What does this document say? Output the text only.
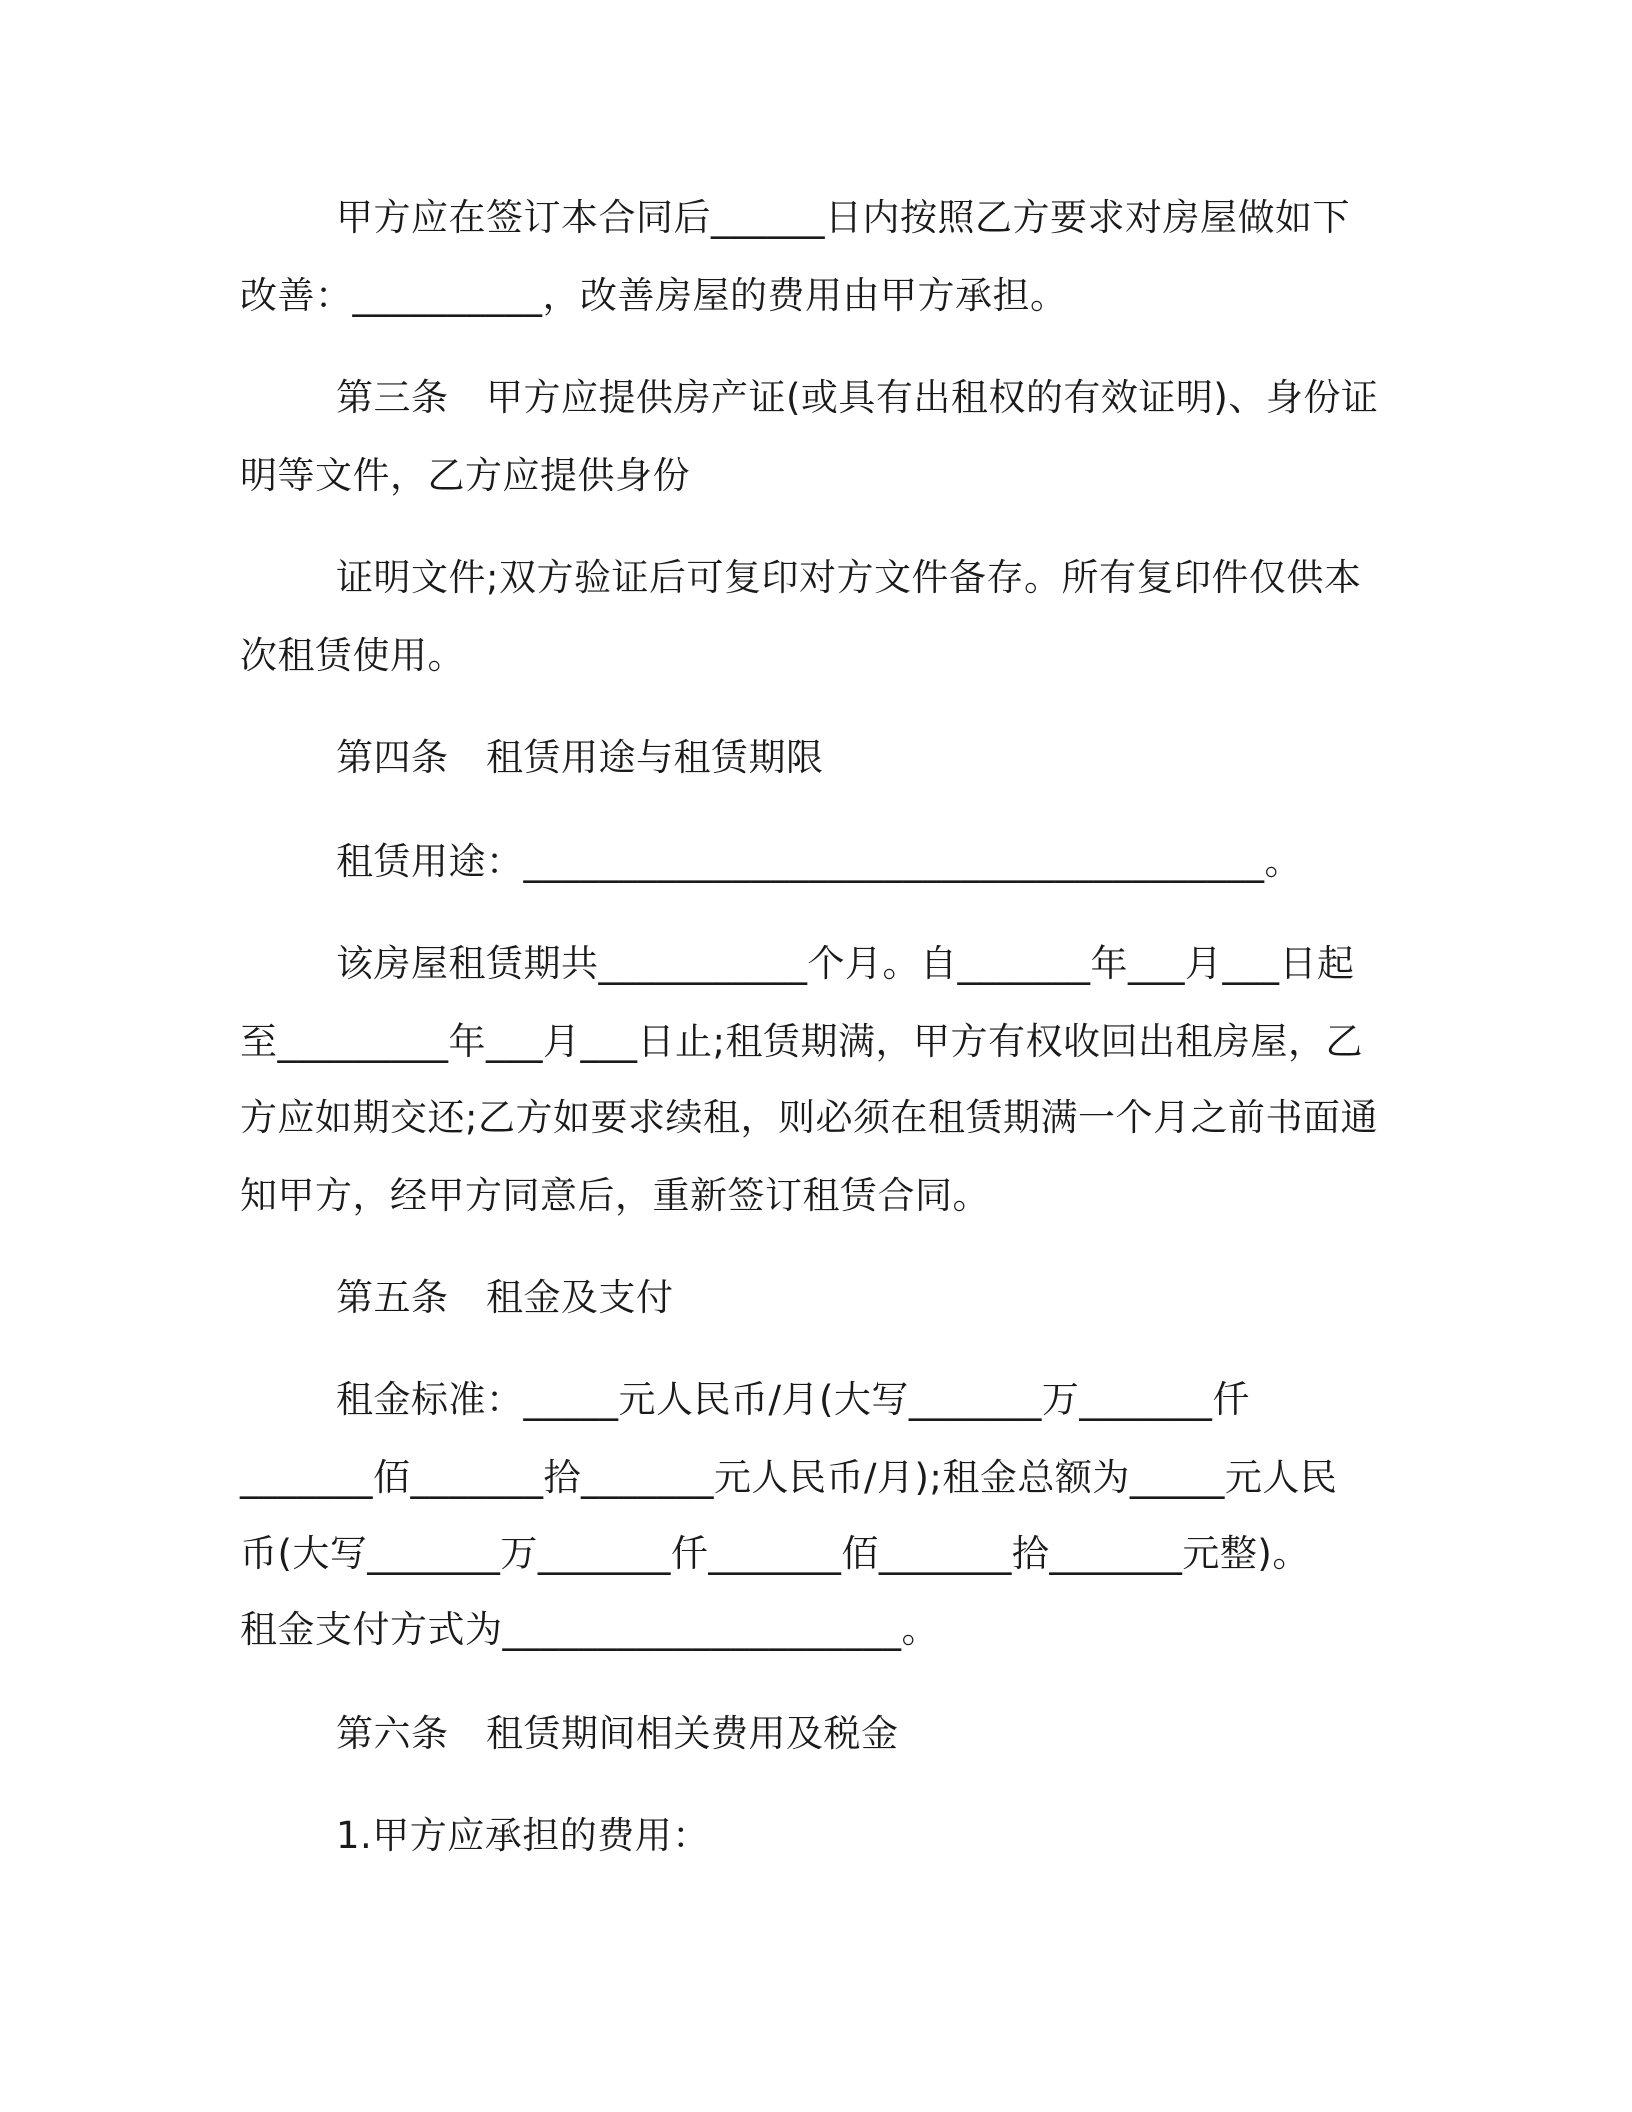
甲方应在签订本合同后______日内按照乙方要求对房屋做如下
改善：__________，改善房屋的费用由甲方承担。
第三条　甲方应提供房产证(或具有出租权的有效证明)、身份证
明等文件，乙方应提供身份
证明文件;双方验证后可复印对方文件备存。所有复印件仅供本
次租赁使用。
第四条　租赁用途与租赁期限
租赁用途：_______________________________________。
该房屋租赁期共___________个月。自_______年___月___日起
至_________年___月___日止;租赁期满，甲方有权收回出租房屋，乙
方应如期交还;乙方如要求续租，则必须在租赁期满一个月之前书面通
知甲方，经甲方同意后，重新签订租赁合同。
第五条　租金及支付
租金标准：_____元人民币/月(大写_______万_______仟
_______佰_______拾_______元人民币/月);租金总额为_____元人民
币(大写_______万_______仟_______佰_______拾_______元整)。
租金支付方式为_____________________。
第六条　租赁期间相关费用及税金
1.甲方应承担的费用：
